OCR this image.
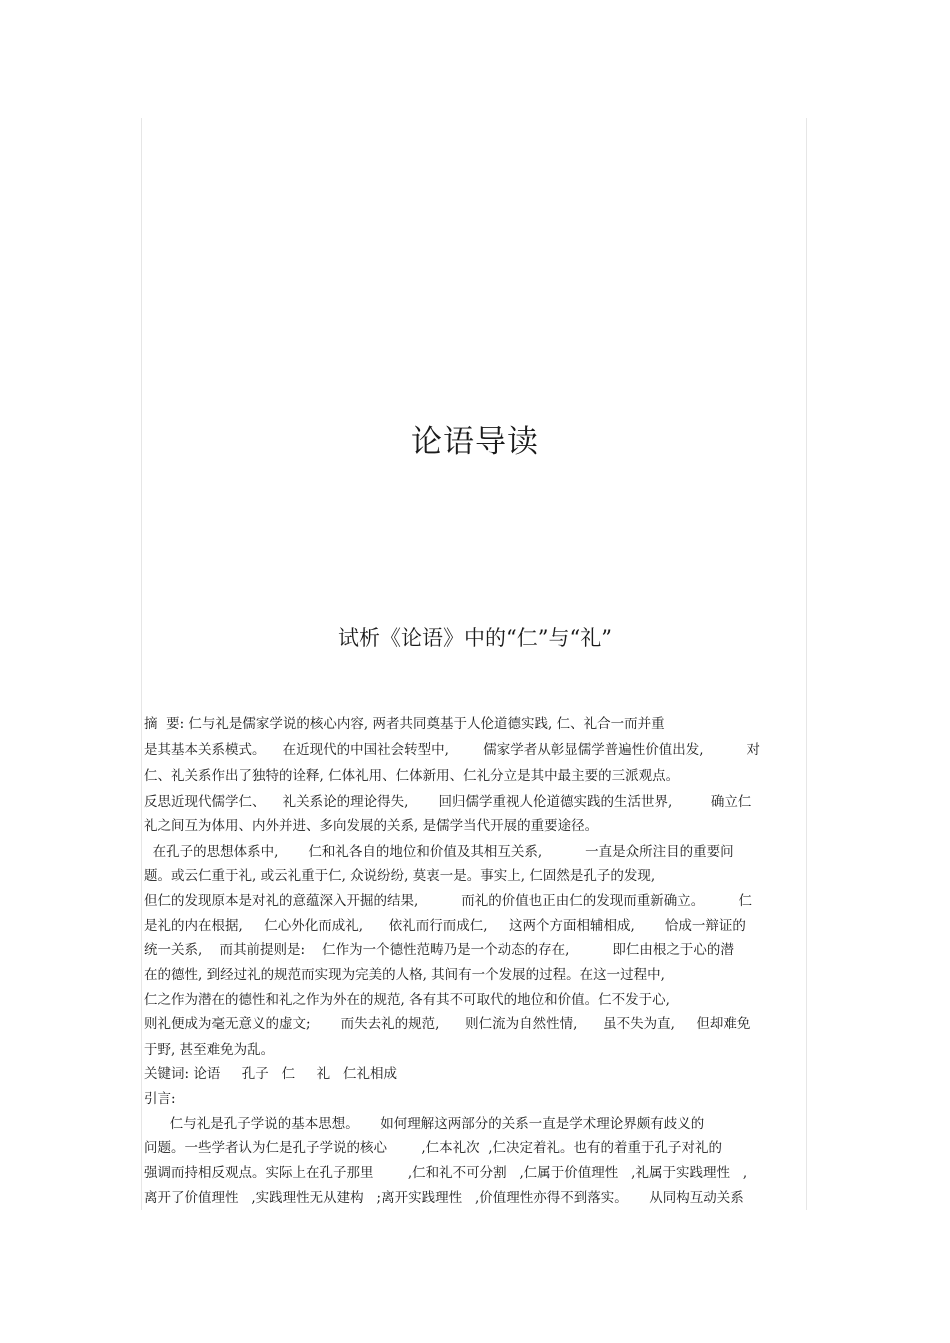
论语导读
试析《论语》中的“仁”与“礼”
摘  要: 仁与礼是儒家学说的核心内容, 两者共同奠基于人伦道德实践, 仁、礼合一而并重
是其基本关系模式。    在近现代的中国社会转型中,        儒家学者从彰显儒学普遍性价值出发,          对
仁、礼关系作出了独特的诠释, 仁体礼用、仁体新用、仁礼分立是其中最主要的三派观点。
反思近现代儒学仁、    礼关系论的理论得失,       回归儒学重视人伦道德实践的生活世界,         确立仁
礼之间互为体用、内外并进、多向发展的关系, 是儒学当代开展的重要途径。
在孔子的思想体系中,       仁和礼各自的地位和价值及其相互关系,          一直是众所注目的重要问
题。或云仁重于礼, 或云礼重于仁, 众说纷纷, 莫衷一是。事实上, 仁固然是孔子的发现,
但仁的发现原本是对礼的意蕴深入开掘的结果,          而礼的价值也正由仁的发现而重新确立。        仁
是礼的内在根据,     仁心外化而成礼,      依礼而行而成仁,     这两个方面相辅相成,       恰成一辩证的
统一关系,    而其前提则是:    仁作为一个德性范畴乃是一个动态的存在,          即仁由根之于心的潜
在的德性, 到经过礼的规范而实现为完美的人格, 其间有一个发展的过程。在这一过程中,
仁之作为潜在的德性和礼之作为外在的规范, 各有其不可取代的地位和价值。仁不发于心,
则礼便成为毫无意义的虚文;       而失去礼的规范,      则仁流为自然性情,      虽不失为直,     但却难免
于野, 甚至难免为乱。
关键词: 论语     孔子   仁     礼   仁礼相成
引言:
仁与礼是孔子学说的基本思想。     如何理解这两部分的关系一直是学术理论界颇有歧义的
问题。一些学者认为仁是孔子学说的核心        ,仁本礼次  ,仁决定着礼。也有的着重于孔子对礼的
强调而持相反观点。实际上在孔子那里        ,仁和礼不可分割   ,仁属于价值理性   ,礼属于实践理性   ,
离开了价值理性   ,实践理性无从建构   ;离开实践理性   ,价值理性亦得不到落实。     从同构互动关系
